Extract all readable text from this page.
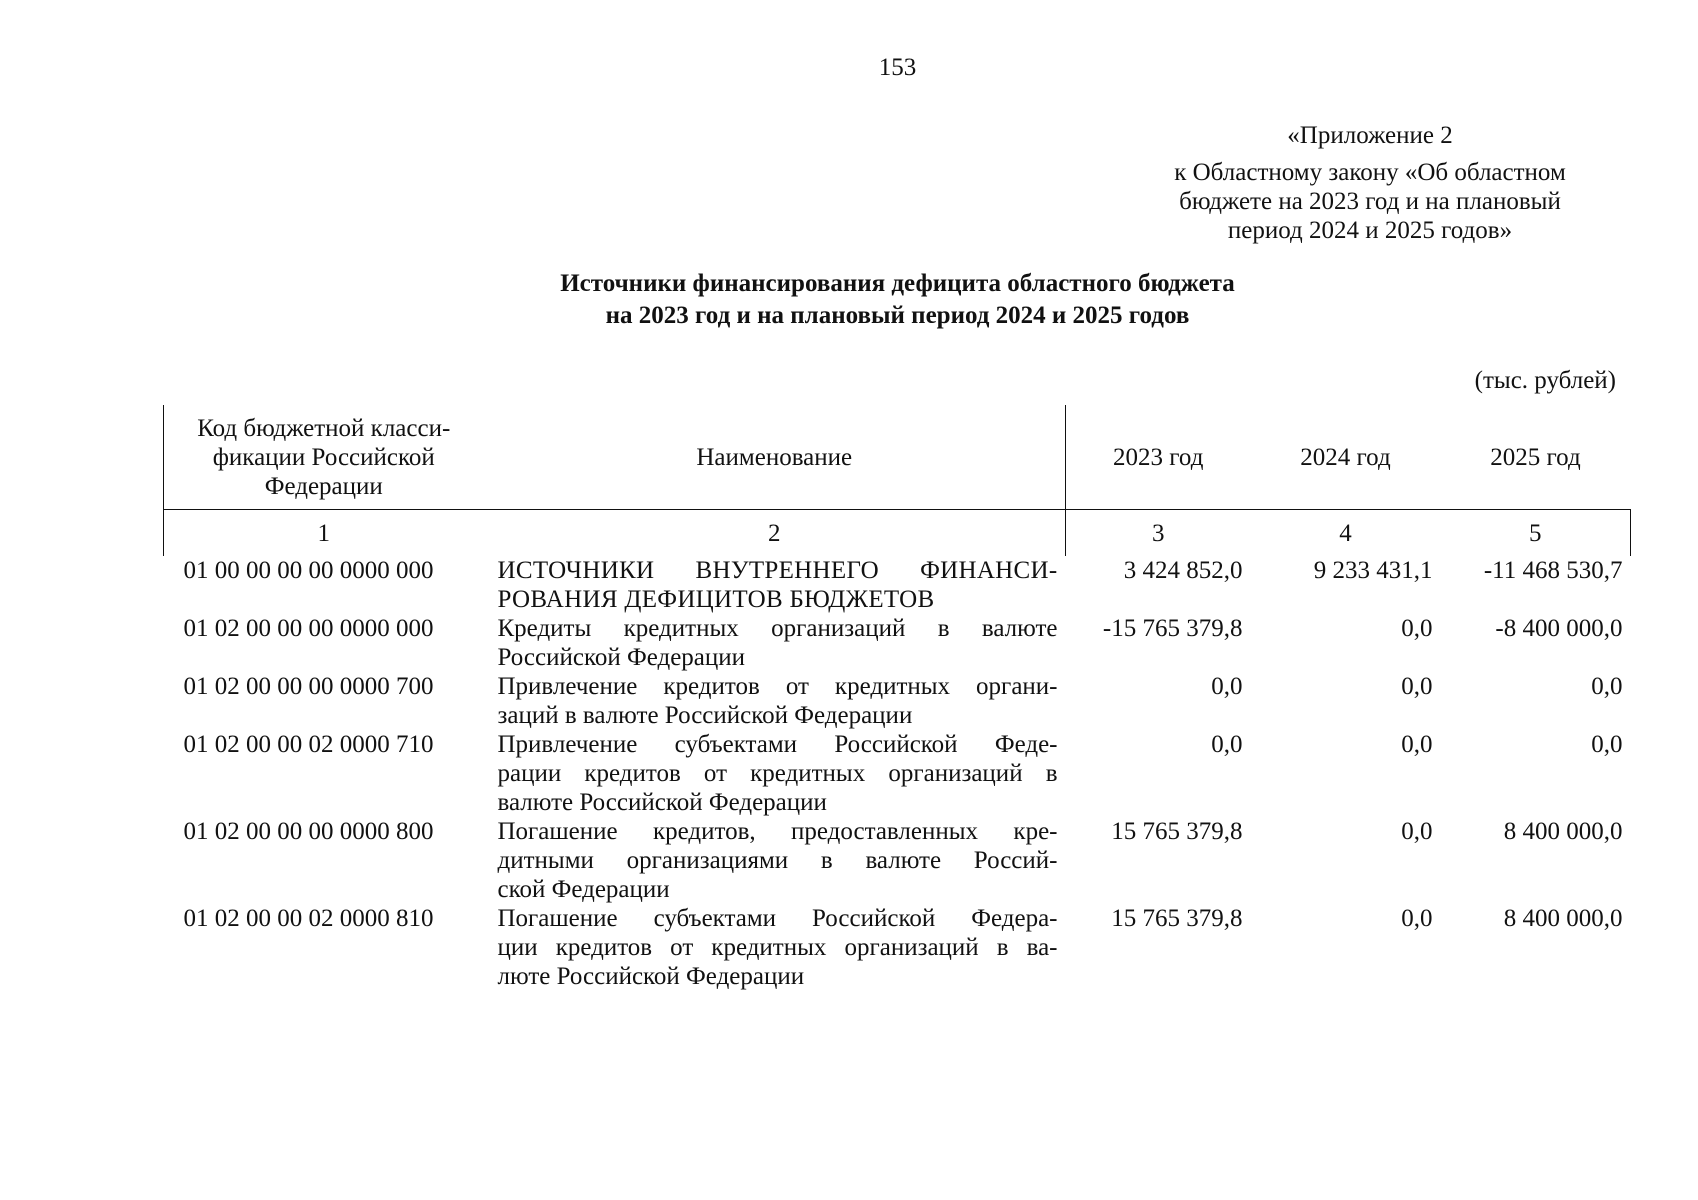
153
«Приложение 2
к Областному закону «Об областном
бюджете на 2023 год и на плановый
период 2024 и 2025 годов»
Источники финансирования дефицита областного бюджета
на 2023 год и на плановый период 2024 и 2025 годов
(тыс. рублей)
Код бюджетной класси-
фикации Российской
Федерации	Наименование	2023 год	2024 год	2025 год
1	2	3	4	5
01 00 00 00 00 0000 000	ИСТОЧНИКИ ВНУТРЕННЕГО ФИНАНСИ-
РОВАНИЯ ДЕФИЦИТОВ БЮДЖЕТОВ	3 424 852,0	9 233 431,1	-11 468 530,7
01 02 00 00 00 0000 000	Кредиты кредитных организаций в валюте
Российской Федерации	-15 765 379,8	0,0	-8 400 000,0
01 02 00 00 00 0000 700	Привлечение кредитов от кредитных органи-
заций в валюте Российской Федерации	0,0	0,0	0,0
01 02 00 00 02 0000 710	Привлечение субъектами Российской Феде-
рации кредитов от кредитных организаций в
валюте Российской Федерации	0,0	0,0	0,0
01 02 00 00 00 0000 800	Погашение кредитов, предоставленных кре-
дитными организациями в валюте Россий-
ской Федерации	15 765 379,8	0,0	8 400 000,0
01 02 00 00 02 0000 810	Погашение субъектами Российской Федера-
ции кредитов от кредитных организаций в ва-
люте Российской Федерации	15 765 379,8	0,0	8 400 000,0
